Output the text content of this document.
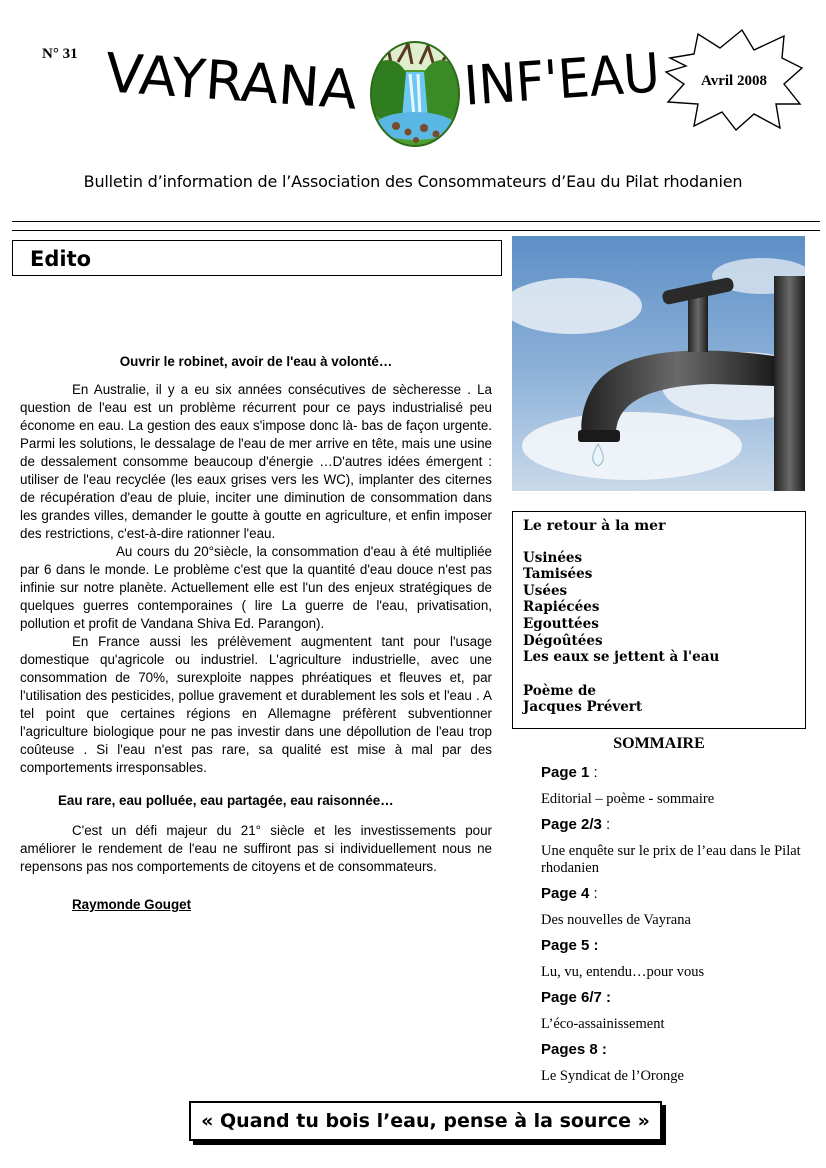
N° 31 VAYRANA	INF'EAU	Avril 2008
Bulletin d’information de l’Association des Consommateurs d’Eau du Pilat rhodanien
Edito
Ouvrir le robinet, avoir de l'eau à volonté…

En Australie, il y a eu six années consécutives de sècheresse . La question de l'eau est un problème récurrent pour ce pays industrialisé peu économe en eau. La gestion des eaux s'impose donc là- bas de façon urgente. Parmi les solutions, le dessalage de l'eau de mer arrive en tête, mais une usine de dessalement consomme beaucoup d'énergie …D'autres idées émergent : utiliser de l'eau recyclée (les eaux grises vers les WC), implanter des citernes de récupération d'eau de pluie, inciter une diminution de consommation dans les grandes villes, demander le goutte à goutte en agriculture, et enfin imposer des restrictions, c'est-à-dire rationner l'eau.

Au cours du 20°siècle, la consommation d'eau à été multipliée par 6 dans le monde. Le problème c'est que la quantité d'eau douce n'est pas infinie sur notre planète. Actuellement elle est l'un des enjeux stratégiques de quelques guerres contemporaines ( lire La guerre de l'eau, privatisation, pollution et profit de Vandana Shiva Ed. Parangon).

En France aussi les prélèvement augmentent tant pour l'usage domestique qu'agricole ou industriel. L'agriculture industrielle, avec une consommation de 70%, surexploite nappes phréatiques et fleuves et, par l'utilisation des pesticides, pollue gravement et durablement les sols et l'eau . A tel point que certaines régions en Allemagne préfèrent subventionner l'agriculture biologique pour ne pas investir dans une dépollution de l'eau trop coûteuse . Si l'eau n'est pas rare, sa qualité est mise à mal par des comportements irresponsables.

Eau rare, eau polluée, eau partagée, eau raisonnée…

C'est un défi majeur du 21° siècle et les investissements pour améliorer le rendement de l'eau ne suffiront pas si individuellement nous ne repensons pas nos comportements de citoyens et de consommateurs.

Raymonde Gouget

Le retour à la mer
Usinées
Tamisées
Usées
Rapiécées
Egouttées
Dégoûtées
Les eaux se jettent à l'eau
Poème de
Jacques Prévert
SOMMAIRE

Page 1 :

Editorial – poème - sommaire

Page 2/3 :

Une enquête sur le prix de l’eau dans le Pilat rhodanien

Page 4 :

Des nouvelles de Vayrana

Page 5 :

Lu, vu, entendu…pour vous

Page 6/7 :

L’éco-assainissement

Pages 8 :

Le Syndicat de l’Oronge

« Quand tu bois l’eau, pense à la source »
